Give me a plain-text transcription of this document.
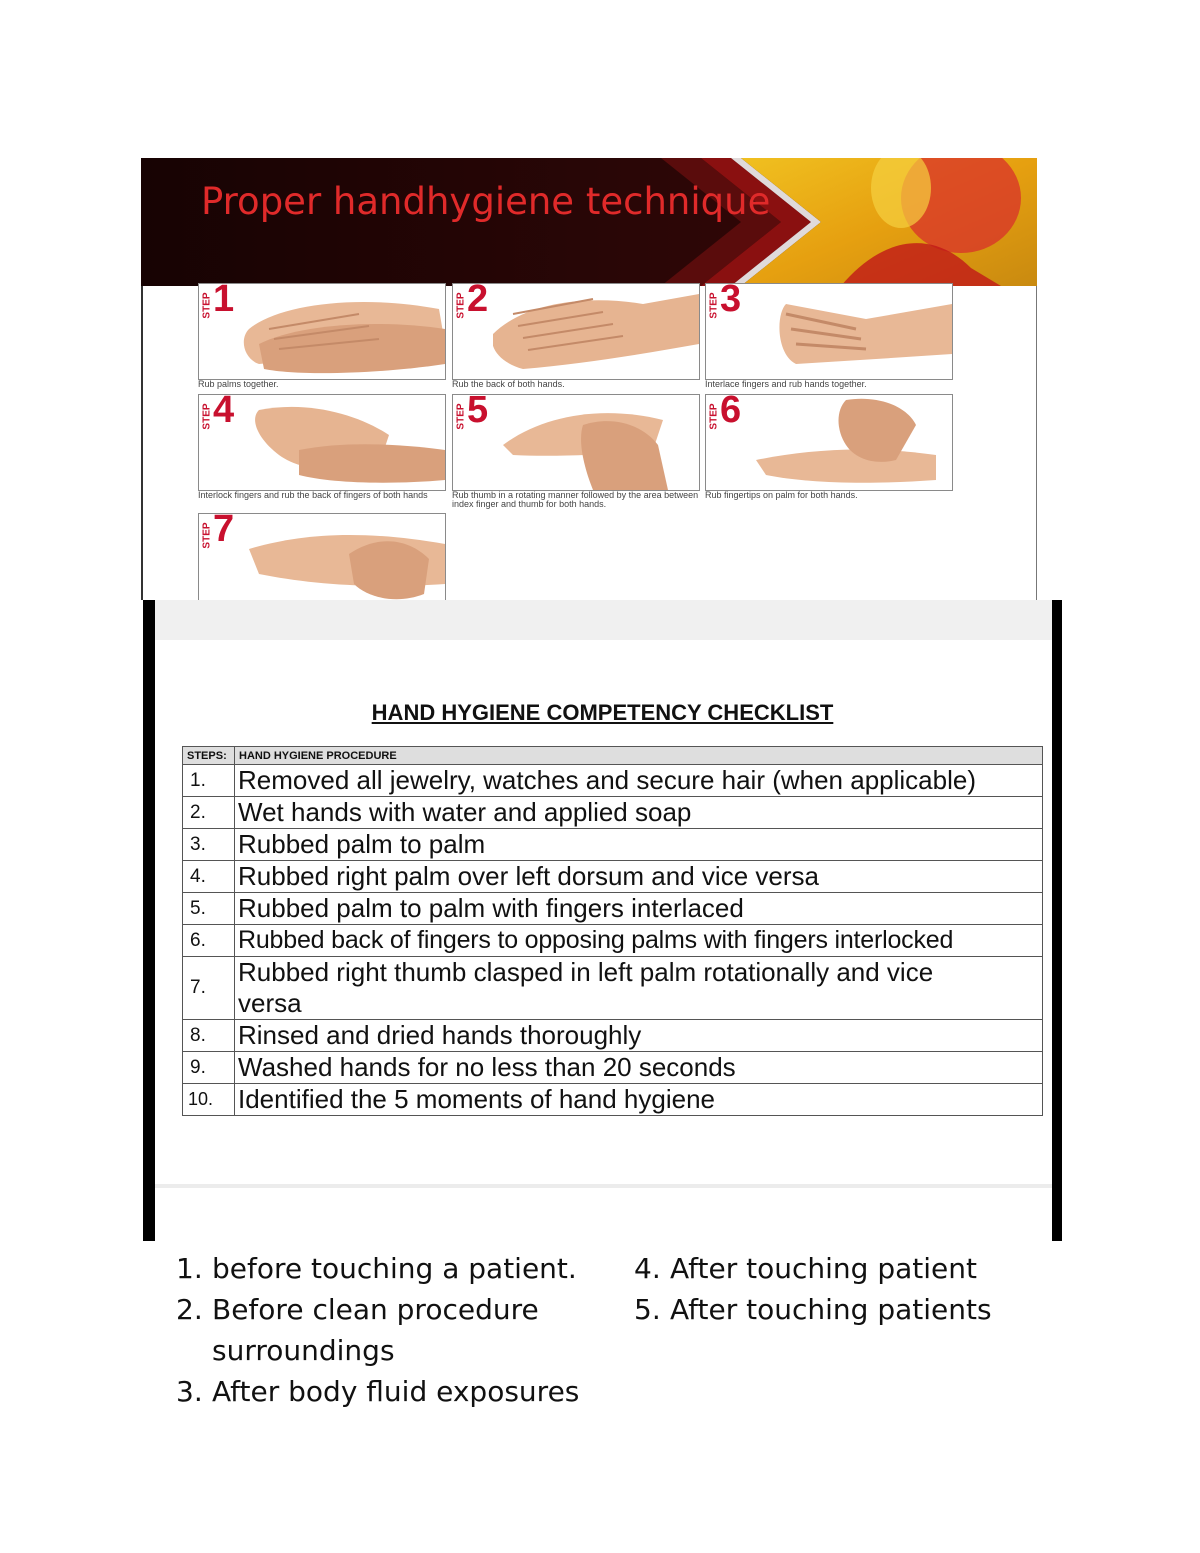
Proper handhygiene technique
STEP 1
Rub palms together.
STEP 2
Rub the back of both hands.
STEP 3
Interlace fingers and rub hands together.
STEP 4
Interlock fingers and rub the back of fingers of both hands
STEP 5
Rub thumb in a rotating manner followed by the area between index finger and thumb for both hands.
STEP 6
Rub fingertips on palm for both hands.
STEP 7
HAND HYGIENE COMPETENCY CHECKLIST
STEPS:	HAND HYGIENE PROCEDURE
1.	Removed all jewelry, watches and secure hair (when applicable)
2.	Wet hands with water and applied soap
3.	Rubbed palm to palm
4.	Rubbed right palm over left dorsum and vice versa
5.	Rubbed palm to palm with fingers interlaced
6.	Rubbed back of fingers to opposing palms with fingers interlocked
7.	Rubbed right thumb clasped in left palm rotationally and vice versa
8.	Rinsed and dried hands thoroughly
9.	Washed hands for no less than 20 seconds
10.	Identified the 5 moments of hand hygiene
1. before touching a patient.
2. Before clean procedure surroundings
3. After body fluid exposures
4. After touching patient
5. After touching patients
